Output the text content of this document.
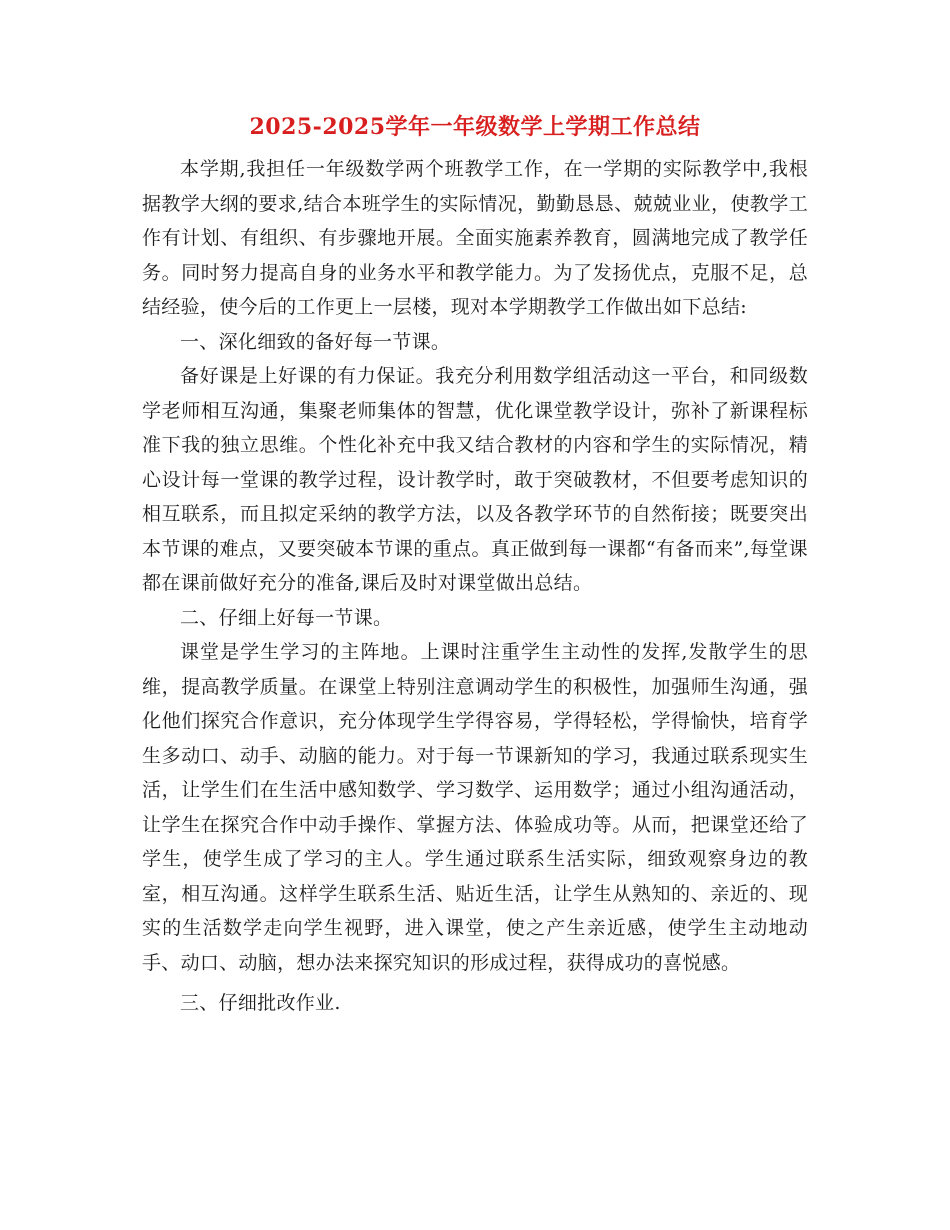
2025-2025学年一年级数学上学期工作总结

本学期,我担任一年级数学两个班教学工作，在一学期的实际教学中,我根据教学大纲的要求,结合本班学生的实际情况，勤勤恳恳、兢兢业业，使教学工作有计划、有组织、有步骤地开展。全面实施素养教育，圆满地完成了教学任务。同时努力提高自身的业务水平和教学能力。为了发扬优点，克服不足，总结经验，使今后的工作更上一层楼，现对本学期教学工作做出如下总结:

一、深化细致的备好每一节课。

备好课是上好课的有力保证。我充分利用数学组活动这一平台，和同级数学老师相互沟通，集聚老师集体的智慧，优化课堂教学设计，弥补了新课程标准下我的独立思维。个性化补充中我又结合教材的内容和学生的实际情况，精心设计每一堂课的教学过程，设计教学时，敢于突破教材，不但要考虑知识的相互联系，而且拟定采纳的教学方法，以及各教学环节的自然衔接；既要突出本节课的难点，又要突破本节课的重点。真正做到每一课都“有备而来”,每堂课都在课前做好充分的准备,课后及时对课堂做出总结。

二、仔细上好每一节课。

课堂是学生学习的主阵地。上课时注重学生主动性的发挥,发散学生的思维，提高教学质量。在课堂上特别注意调动学生的积极性，加强师生沟通，强化他们探究合作意识，充分体现学生学得容易，学得轻松，学得愉快，培育学生多动口、动手、动脑的能力。对于每一节课新知的学习，我通过联系现实生活，让学生们在生活中感知数学、学习数学、运用数学；通过小组沟通活动，让学生在探究合作中动手操作、掌握方法、体验成功等。从而，把课堂还给了学生，使学生成了学习的主人。学生通过联系生活实际，细致观察身边的教室，相互沟通。这样学生联系生活、贴近生活，让学生从熟知的、亲近的、现实的生活数学走向学生视野，进入课堂，使之产生亲近感，使学生主动地动手、动口、动脑，想办法来探究知识的形成过程，获得成功的喜悦感。

三、仔细批改作业.
